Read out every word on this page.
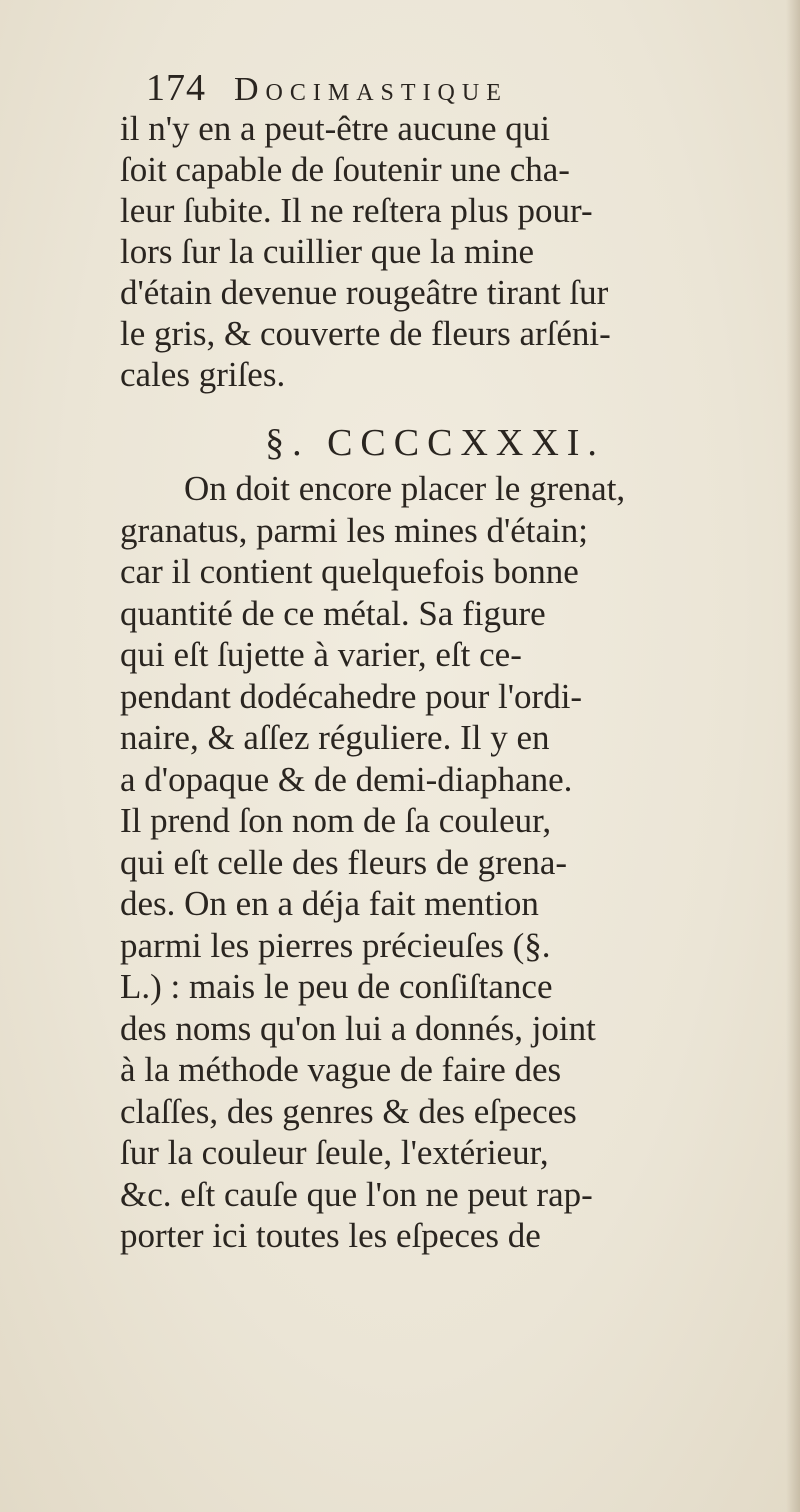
174 Docimastique
il n'y en a peut-être aucune qui
ſoit capable de ſoutenir une cha-
leur ſubite. Il ne reſtera plus pour-
lors ſur la cuillier que la mine
d'étain devenue rougeâtre tirant ſur
le gris, & couverte de fleurs arſéni-
cales griſes.
§. CCCCXXXI.
On doit encore placer le grenat,
granatus, parmi les mines d'étain;
car il contient quelquefois bonne
quantité de ce métal. Sa figure
qui eſt ſujette à varier, eſt ce-
pendant dodécahedre pour l'ordi-
naire, & aſſez réguliere. Il y en
a d'opaque & de demi-diaphane.
Il prend ſon nom de ſa couleur,
qui eſt celle des fleurs de grena-
des. On en a déja fait mention
parmi les pierres précieuſes (§.
L.) : mais le peu de conſiſtance
des noms qu'on lui a donnés, joint
à la méthode vague de faire des
claſſes, des genres & des eſpeces
ſur la couleur ſeule, l'extérieur,
&c. eſt cauſe que l'on ne peut rap-
porter ici toutes les eſpeces de
